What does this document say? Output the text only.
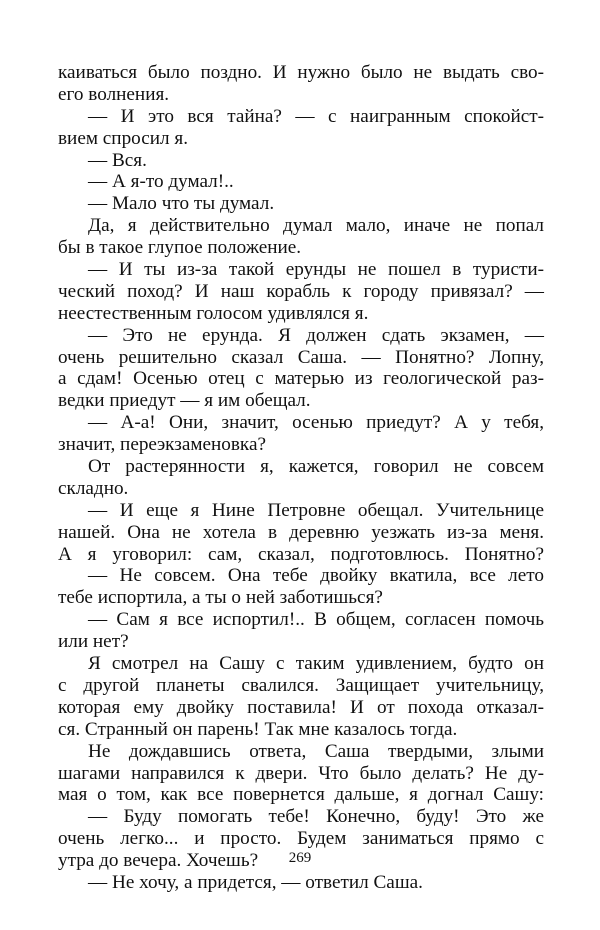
каиваться было поздно. И нужно было не выдать сво-
его волнения.
— И это вся тайна? — с наигранным спокойст-
вием спросил я.
— Вся.
— А я-то думал!..
— Мало что ты думал.
Да, я действительно думал мало, иначе не попал
бы в такое глупое положение.
— И ты из-за такой ерунды не пошел в туристи-
ческий поход? И наш корабль к городу привязал? —
неестественным голосом удивлялся я.
— Это не ерунда. Я должен сдать экзамен, —
очень решительно сказал Саша. — Понятно? Лопну,
а сдам! Осенью отец с матерью из геологической раз-
ведки приедут — я им обещал.
— А-а! Они, значит, осенью приедут? А у тебя,
значит, переэкзаменовка?
От растерянности я, кажется, говорил не совсем
складно.
— И еще я Нине Петровне обещал. Учительнице
нашей. Она не хотела в деревню уезжать из-за меня.
А я уговорил: сам, сказал, подготовлюсь. Понятно?
— Не совсем. Она тебе двойку вкатила, все лето
тебе испортила, а ты о ней заботишься?
— Сам я все испортил!.. В общем, согласен помочь
или нет?
Я смотрел на Сашу с таким удивлением, будто он
с другой планеты свалился. Защищает учительницу,
которая ему двойку поставила! И от похода отказал-
ся. Странный он парень! Так мне казалось тогда.
Не дождавшись ответа, Саша твердыми, злыми
шагами направился к двери. Что было делать? Не ду-
мая о том, как все повернется дальше, я догнал Сашу:
— Буду помогать тебе! Конечно, буду! Это же
очень легко... и просто. Будем заниматься прямо с
утра до вечера. Хочешь?
— Не хочу, а придется, — ответил Саша.
269
